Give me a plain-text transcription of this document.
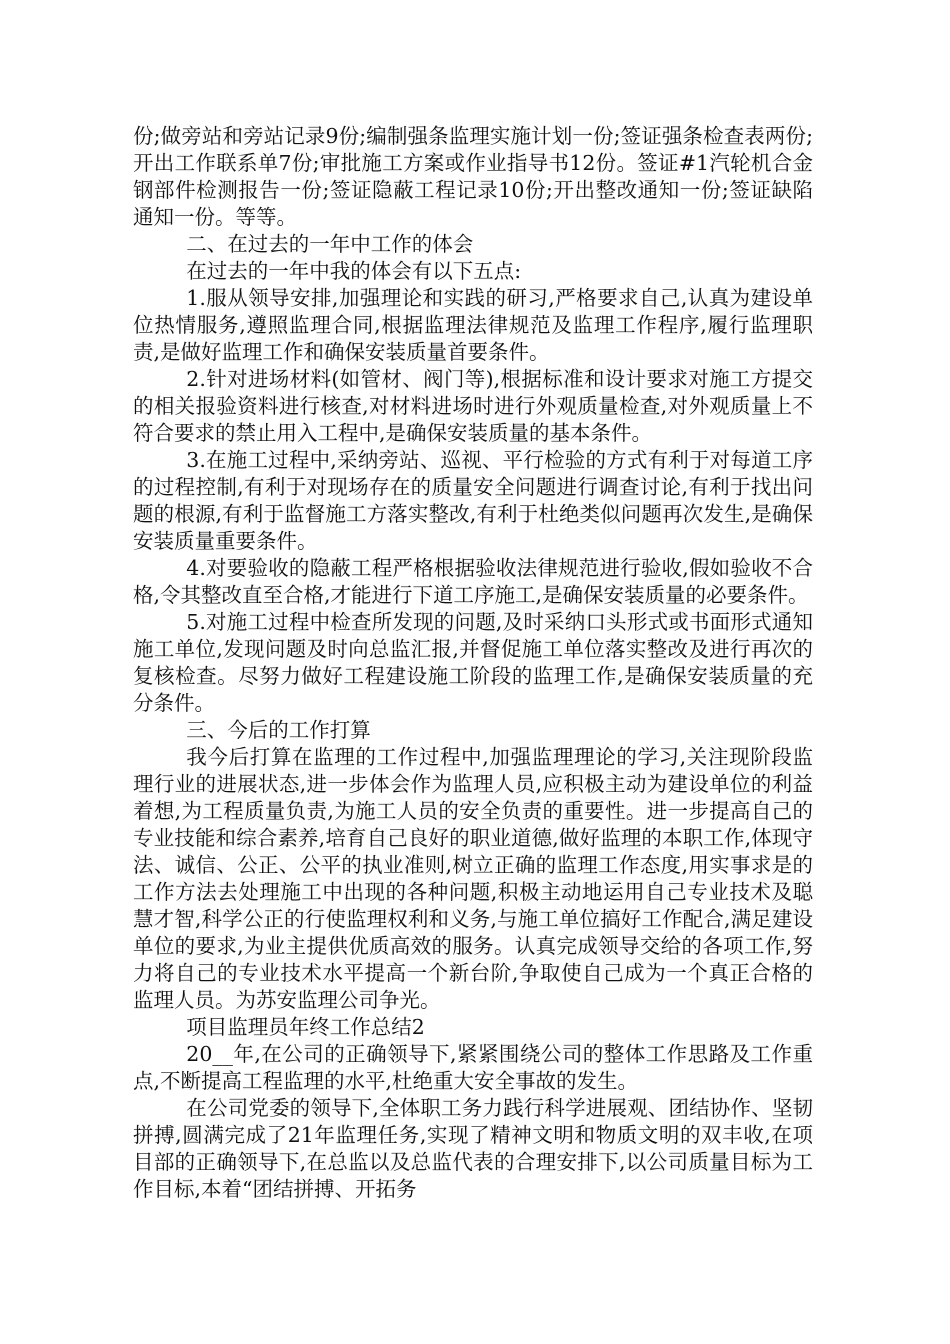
份;做旁站和旁站记录9份;编制强条监理实施计划一份;签证强条检查表两份;开出工作联系单7份;审批施工方案或作业指导书12份。签证#1汽轮机合金钢部件检测报告一份;签证隐蔽工程记录10份;开出整改通知一份;签证缺陷通知一份。等等。

二、在过去的一年中工作的体会

在过去的一年中我的体会有以下五点:

1.服从领导安排,加强理论和实践的研习,严格要求自己,认真为建设单位热情服务,遵照监理合同,根据监理法律规范及监理工作程序,履行监理职责,是做好监理工作和确保安装质量首要条件。

2.针对进场材料(如管材、阀门等),根据标准和设计要求对施工方提交的相关报验资料进行核查,对材料进场时进行外观质量检查,对外观质量上不符合要求的禁止用入工程中,是确保安装质量的基本条件。

3.在施工过程中,采纳旁站、巡视、平行检验的方式有利于对每道工序的过程控制,有利于对现场存在的质量安全问题进行调查讨论,有利于找出问题的根源,有利于监督施工方落实整改,有利于杜绝类似问题再次发生,是确保安装质量重要条件。

4.对要验收的隐蔽工程严格根据验收法律规范进行验收,假如验收不合格,令其整改直至合格,才能进行下道工序施工,是确保安装质量的必要条件。

5.对施工过程中检查所发现的问题,及时采纳口头形式或书面形式通知施工单位,发现问题及时向总监汇报,并督促施工单位落实整改及进行再次的复核检查。尽努力做好工程建设施工阶段的监理工作,是确保安装质量的充分条件。

三、今后的工作打算

我今后打算在监理的工作过程中,加强监理理论的学习,关注现阶段监理行业的进展状态,进一步体会作为监理人员,应积极主动为建设单位的利益着想,为工程质量负责,为施工人员的安全负责的重要性。进一步提高自己的专业技能和综合素养,培育自己良好的职业道德,做好监理的本职工作,体现守法、诚信、公正、公平的执业准则,树立正确的监理工作态度,用实事求是的工作方法去处理施工中出现的各种问题,积极主动地运用自己专业技术及聪慧才智,科学公正的行使监理权利和义务,与施工单位搞好工作配合,满足建设单位的要求,为业主提供优质高效的服务。认真完成领导交给的各项工作,努力将自己的专业技术水平提高一个新台阶,争取使自己成为一个真正合格的监理人员。为苏安监理公司争光。

项目监理员年终工作总结2

20__年,在公司的正确领导下,紧紧围绕公司的整体工作思路及工作重点,不断提高工程监理的水平,杜绝重大安全事故的发生。

在公司党委的领导下,全体职工务力践行科学进展观、团结协作、坚韧拼搏,圆满完成了21年监理任务,实现了精神文明和物质文明的双丰收,在项目部的正确领导下,在总监以及总监代表的合理安排下,以公司质量目标为工作目标,本着“团结拼搏、开拓务
